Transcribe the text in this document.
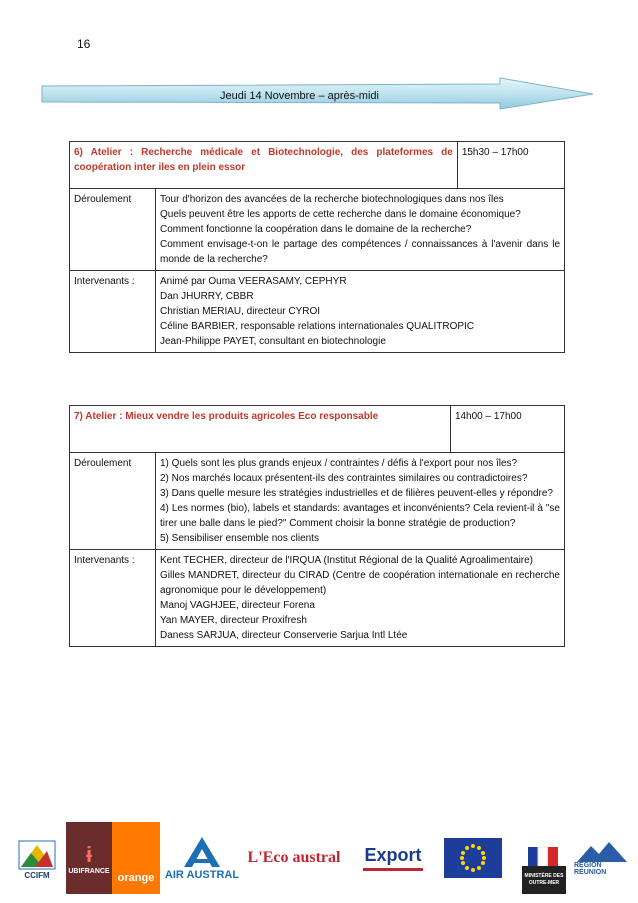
16
Jeudi 14 Novembre – après-midi
6) Atelier : Recherche médicale et Biotechnologie, des plateformes de coopération inter iles en plein essor		15h30 – 17h00
Déroulement	Tour d'horizon des avancées de la recherche biotechnologiques dans nos îles
Quels peuvent être les apports de cette recherche dans le domaine économique?
Comment fonctionne la coopération dans le domaine de la recherche?
Comment envisage-t-on le partage des compétences / connaissances à l'avenir dans le monde de la recherche?	

Intervenants :	Animé par Ouma VEERASAMY, CEPHYR
Dan JHURRY, CBBR
Christian MERIAU, directeur CYROI
Céline BARBIER, responsable relations internationales QUALITROPIC
Jean-Philippe PAYET, consultant en biotechnologie	
7) Atelier : Mieux vendre les produits agricoles Eco responsable		14h00 – 17h00
Déroulement	1) Quels sont les plus grands enjeux / contraintes / défis à l'export pour nos îles?
2) Nos marchés locaux présentent-ils des contraintes similaires ou contradictoires?
3) Dans quelle mesure les stratégies industrielles et de filières peuvent-elles y répondre?
4) Les normes (bio), labels et standards: avantages et inconvénients? Cela revient-il à "se tirer une balle dans le pied?" Comment choisir la bonne stratégie de production?
5) Sensibiliser ensemble nos clients	

Intervenants :	Kent TECHER, directeur de l'IRQUA (Institut Régional de la Qualité Agroalimentaire)
Gilles MANDRET, directeur du CIRAD (Centre de coopération internationale en recherche agronomique pour le développement)
Manoj VAGHJEE, directeur Forena
Yan MAYER, directeur Proxifresh
Daness SARJUA, directeur Conserverie Sarjua Intl Ltée	
CCIFM
ɨ
UBIFRANCE
orange AIR AUSTRAL
L'Eco austral Export
MINISTÈRE DES OUTRE-MER
RÉGION RÉUNION
